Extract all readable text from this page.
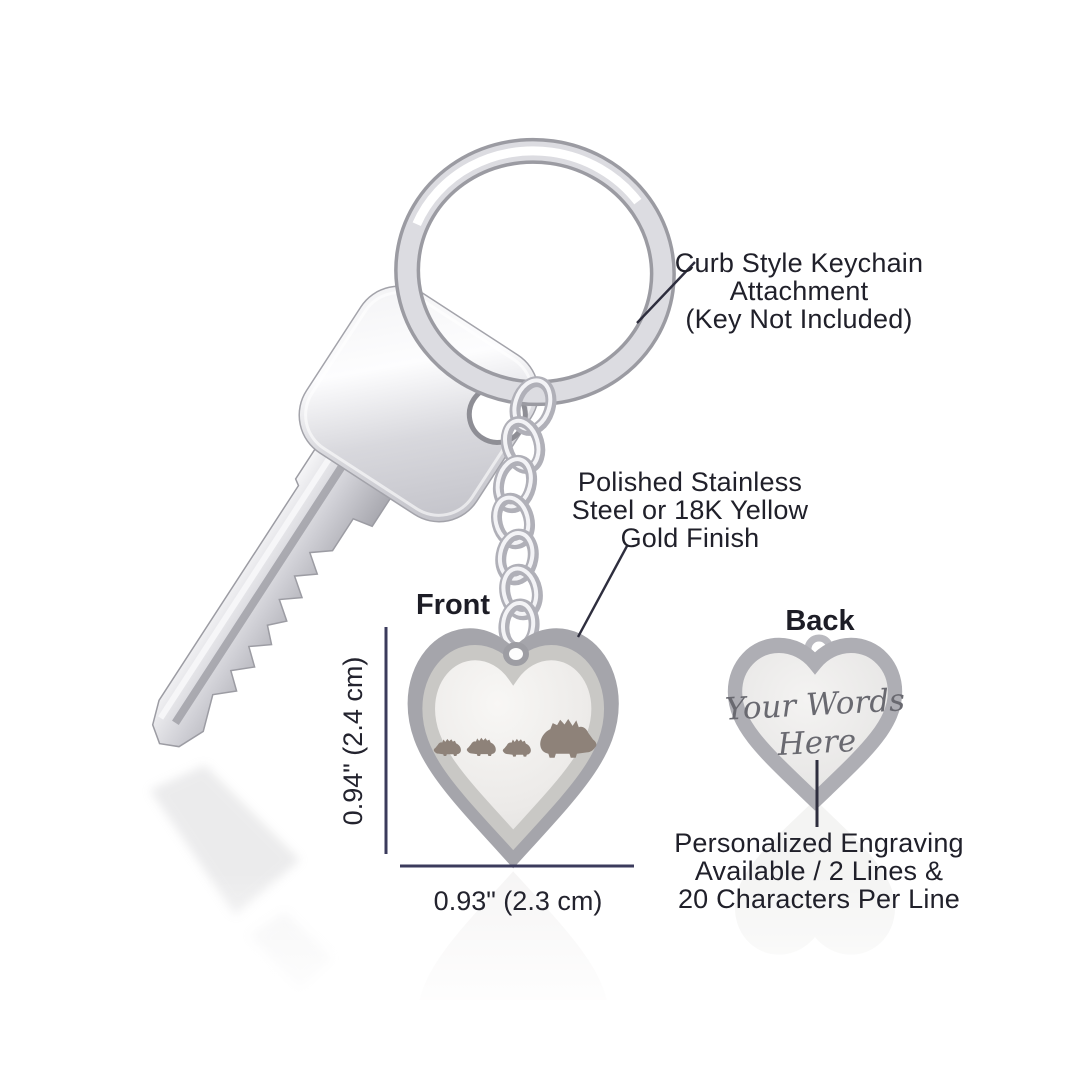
Curb Style Keychain
Attachment
(Key Not Included)
Polished Stainless
Steel or 18K Yellow
Gold Finish
Personalized Engraving
Available / 2 Lines &
20 Characters Per Line
Front	Back
0.94" (2.4 cm)
0.93" (2.3 cm)
Your Words
Here
